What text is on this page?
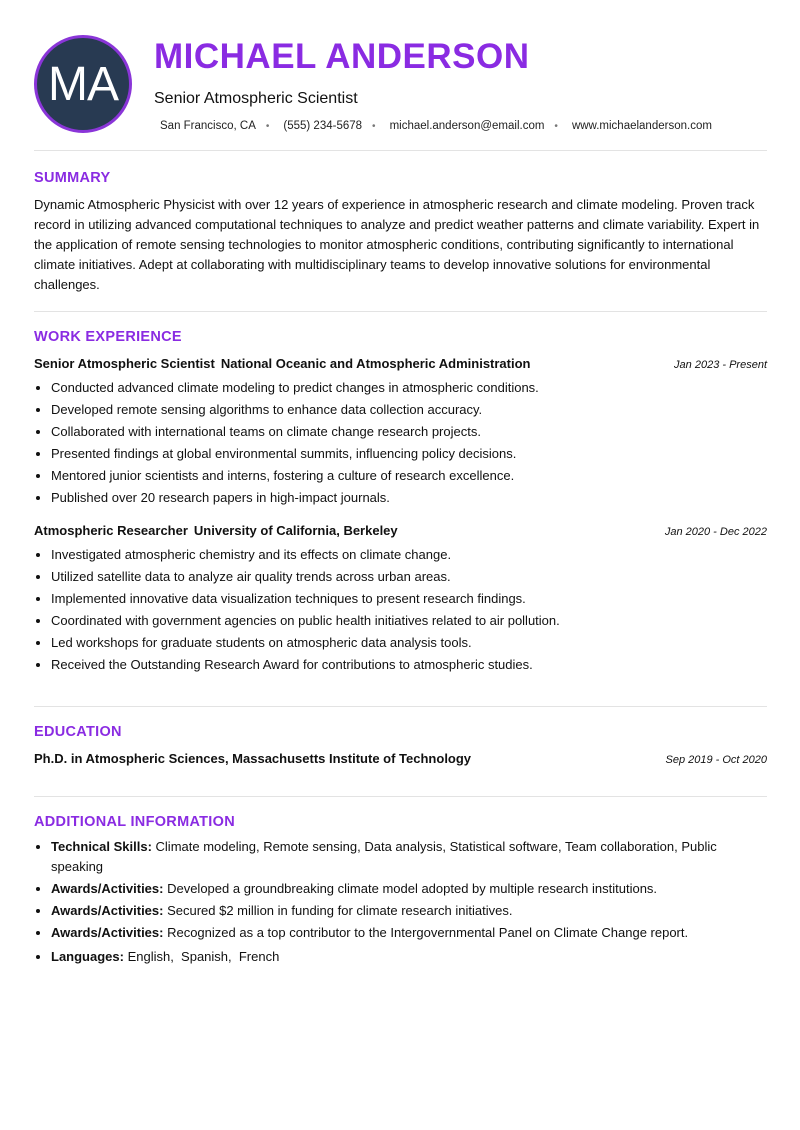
MA
MICHAEL ANDERSON
Senior Atmospheric Scientist
San Francisco, CA • (555) 234-5678 • michael.anderson@email.com • www.michaelanderson.com
SUMMARY

Dynamic Atmospheric Physicist with over 12 years of experience in atmospheric research and climate modeling. Proven track record in utilizing advanced computational techniques to analyze and predict weather patterns and climate variability. Expert in the application of remote sensing technologies to monitor atmospheric conditions, contributing significantly to international climate initiatives. Adept at collaborating with multidisciplinary teams to develop innovative solutions for environmental challenges.

WORK EXPERIENCE
Senior Atmospheric Scientist National Oceanic and Atmospheric Administration	Jan 2023 - Present
• Conducted advanced climate modeling to predict changes in atmospheric conditions.
• Developed remote sensing algorithms to enhance data collection accuracy.
• Collaborated with international teams on climate change research projects.
• Presented findings at global environmental summits, influencing policy decisions.
• Mentored junior scientists and interns, fostering a culture of research excellence.
• Published over 20 research papers in high-impact journals.
Atmospheric Researcher University of California, Berkeley	Jan 2020 - Dec 2022
• Investigated atmospheric chemistry and its effects on climate change.
• Utilized satellite data to analyze air quality trends across urban areas.
• Implemented innovative data visualization techniques to present research findings.
• Coordinated with government agencies on public health initiatives related to air pollution.
• Led workshops for graduate students on atmospheric data analysis tools.
• Received the Outstanding Research Award for contributions to atmospheric studies.
EDUCATION
Ph.D. in Atmospheric Sciences, Massachusetts Institute of Technology	Sep 2019 - Oct 2020
ADDITIONAL INFORMATION
• Technical Skills: Climate modeling, Remote sensing, Data analysis, Statistical software, Team collaboration, Public speaking
• Awards/Activities: Developed a groundbreaking climate model adopted by multiple research institutions.
• Awards/Activities: Secured $2 million in funding for climate research initiatives.
• Awards/Activities: Recognized as a top contributor to the Intergovernmental Panel on Climate Change report.
• Languages: English,  Spanish,  French
